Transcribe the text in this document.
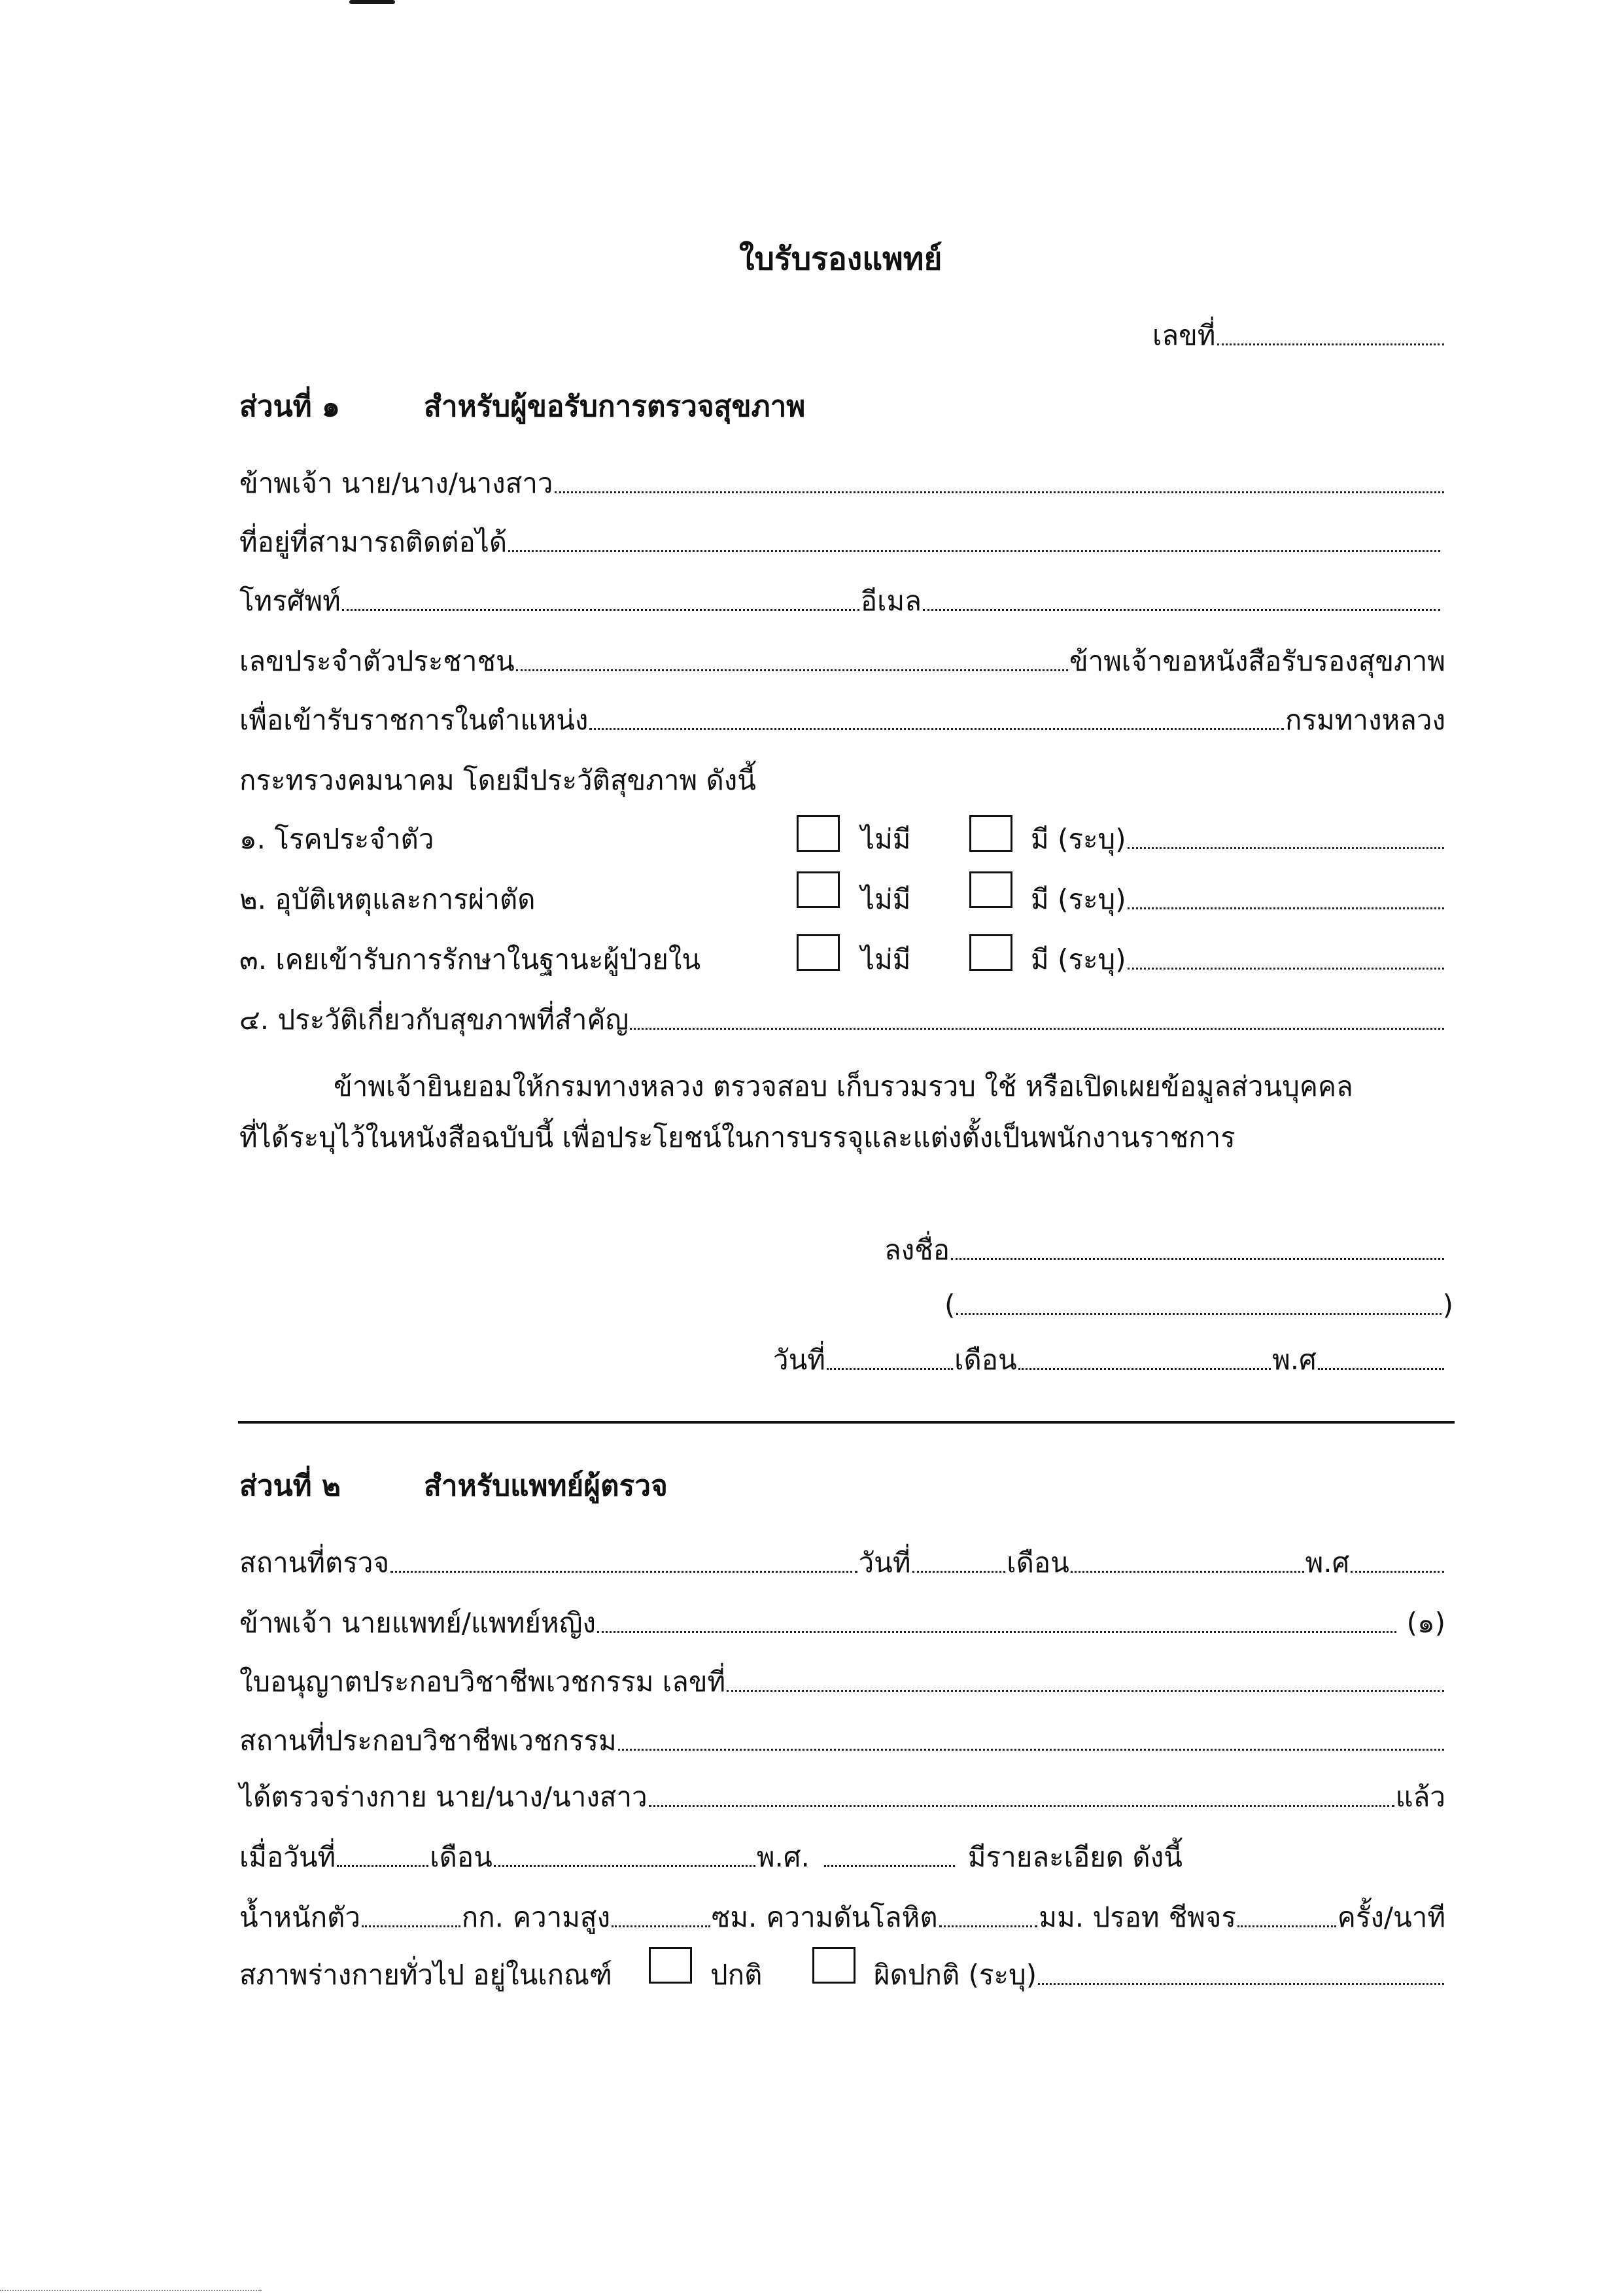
ใบรับรองแพทย์
เลขที่
ส่วนที่ ๑	สำหรับผู้ขอรับการตรวจสุขภาพ
ข้าพเจ้า นาย/นาง/นางสาว
ที่อยู่ที่สามารถติดต่อได้
โทรศัพท์	อีเมล
เลขประจำตัวประชาชน	ข้าพเจ้าขอหนังสือรับรองสุขภาพ
เพื่อเข้ารับราชการในตำแหน่ง	กรมทางหลวง
กระทรวงคมนาคม โดยมีประวัติสุขภาพ ดังนี้
๑. โรคประจำตัว	ไม่มี	มี (ระบุ)
๒. อุบัติเหตุและการผ่าตัด	ไม่มี	มี (ระบุ)
๓. เคยเข้ารับการรักษาในฐานะผู้ป่วยใน	ไม่มี	มี (ระบุ)
๔. ประวัติเกี่ยวกับสุขภาพที่สำคัญ
ข้าพเจ้ายินยอมให้กรมทางหลวง ตรวจสอบ เก็บรวมรวบ ใช้ หรือเปิดเผยข้อมูลส่วนบุคคล
ที่ได้ระบุไว้ในหนังสือฉบับนี้ เพื่อประโยชน์ในการบรรจุและแต่งตั้งเป็นพนักงานราชการ
ลงชื่อ
(	)
วันที่	เดือน	พ.ศ
ส่วนที่ ๒	สำหรับแพทย์ผู้ตรวจ
สถานที่ตรวจ	วันที่	เดือน	พ.ศ
ข้าพเจ้า นายแพทย์/แพทย์หญิง	(๑)
ใบอนุญาตประกอบวิชาชีพเวชกรรม เลขที่
สถานที่ประกอบวิชาชีพเวชกรรม
ได้ตรวจร่างกาย นาย/นาง/นางสาว	แล้ว
เมื่อวันที่	เดือน	พ.ศ.	มีรายละเอียด ดังนี้
น้ำหนักตัว	กก. ความสูง	ซม. ความดันโลหิต	มม. ปรอท ชีพจร	ครั้ง/นาที
สภาพร่างกายทั่วไป อยู่ในเกณฑ์	ปกติ	ผิดปกติ (ระบุ)
